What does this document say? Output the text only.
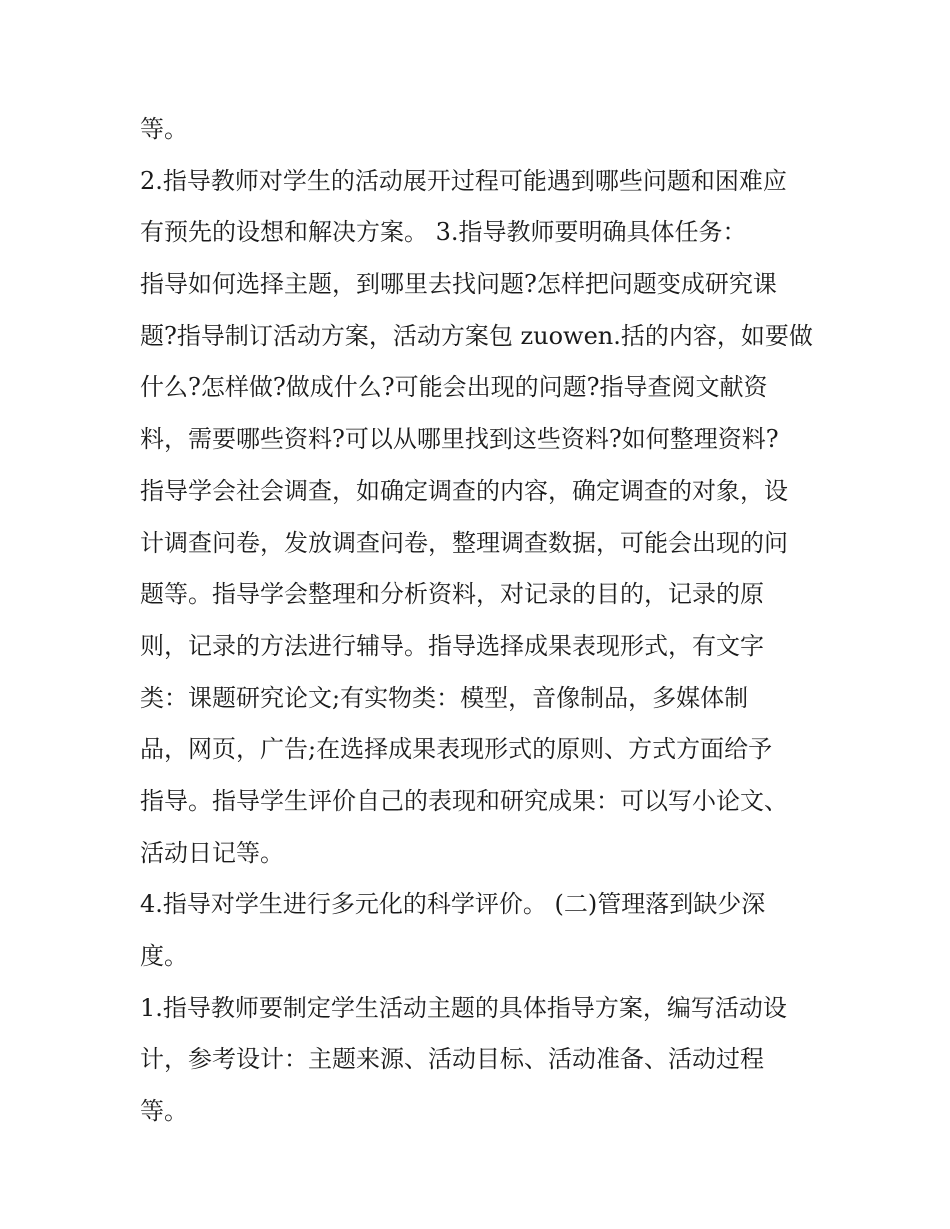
等。

2.指导教师对学生的活动展开过程可能遇到哪些问题和困难应

有预先的设想和解决方案。 3.指导教师要明确具体任务：

指导如何选择主题，到哪里去找问题?怎样把问题变成研究课

题?指导制订活动方案，活动方案包 zuowen.括的内容，如要做

什么?怎样做?做成什么?可能会出现的问题?指导查阅文献资

料，需要哪些资料?可以从哪里找到这些资料?如何整理资料?

指导学会社会调查，如确定调查的内容，确定调查的对象，设

计调查问卷，发放调查问卷，整理调查数据，可能会出现的问

题等。指导学会整理和分析资料，对记录的目的，记录的原

则，记录的方法进行辅导。指导选择成果表现形式，有文字

类：课题研究论文;有实物类：模型，音像制品，多媒体制

品，网页，广告;在选择成果表现形式的原则、方式方面给予

指导。指导学生评价自己的表现和研究成果：可以写小论文、

活动日记等。

4.指导对学生进行多元化的科学评价。 (二)管理落到缺少深

度。

1.指导教师要制定学生活动主题的具体指导方案，编写活动设

计，参考设计：主题来源、活动目标、活动准备、活动过程

等。
